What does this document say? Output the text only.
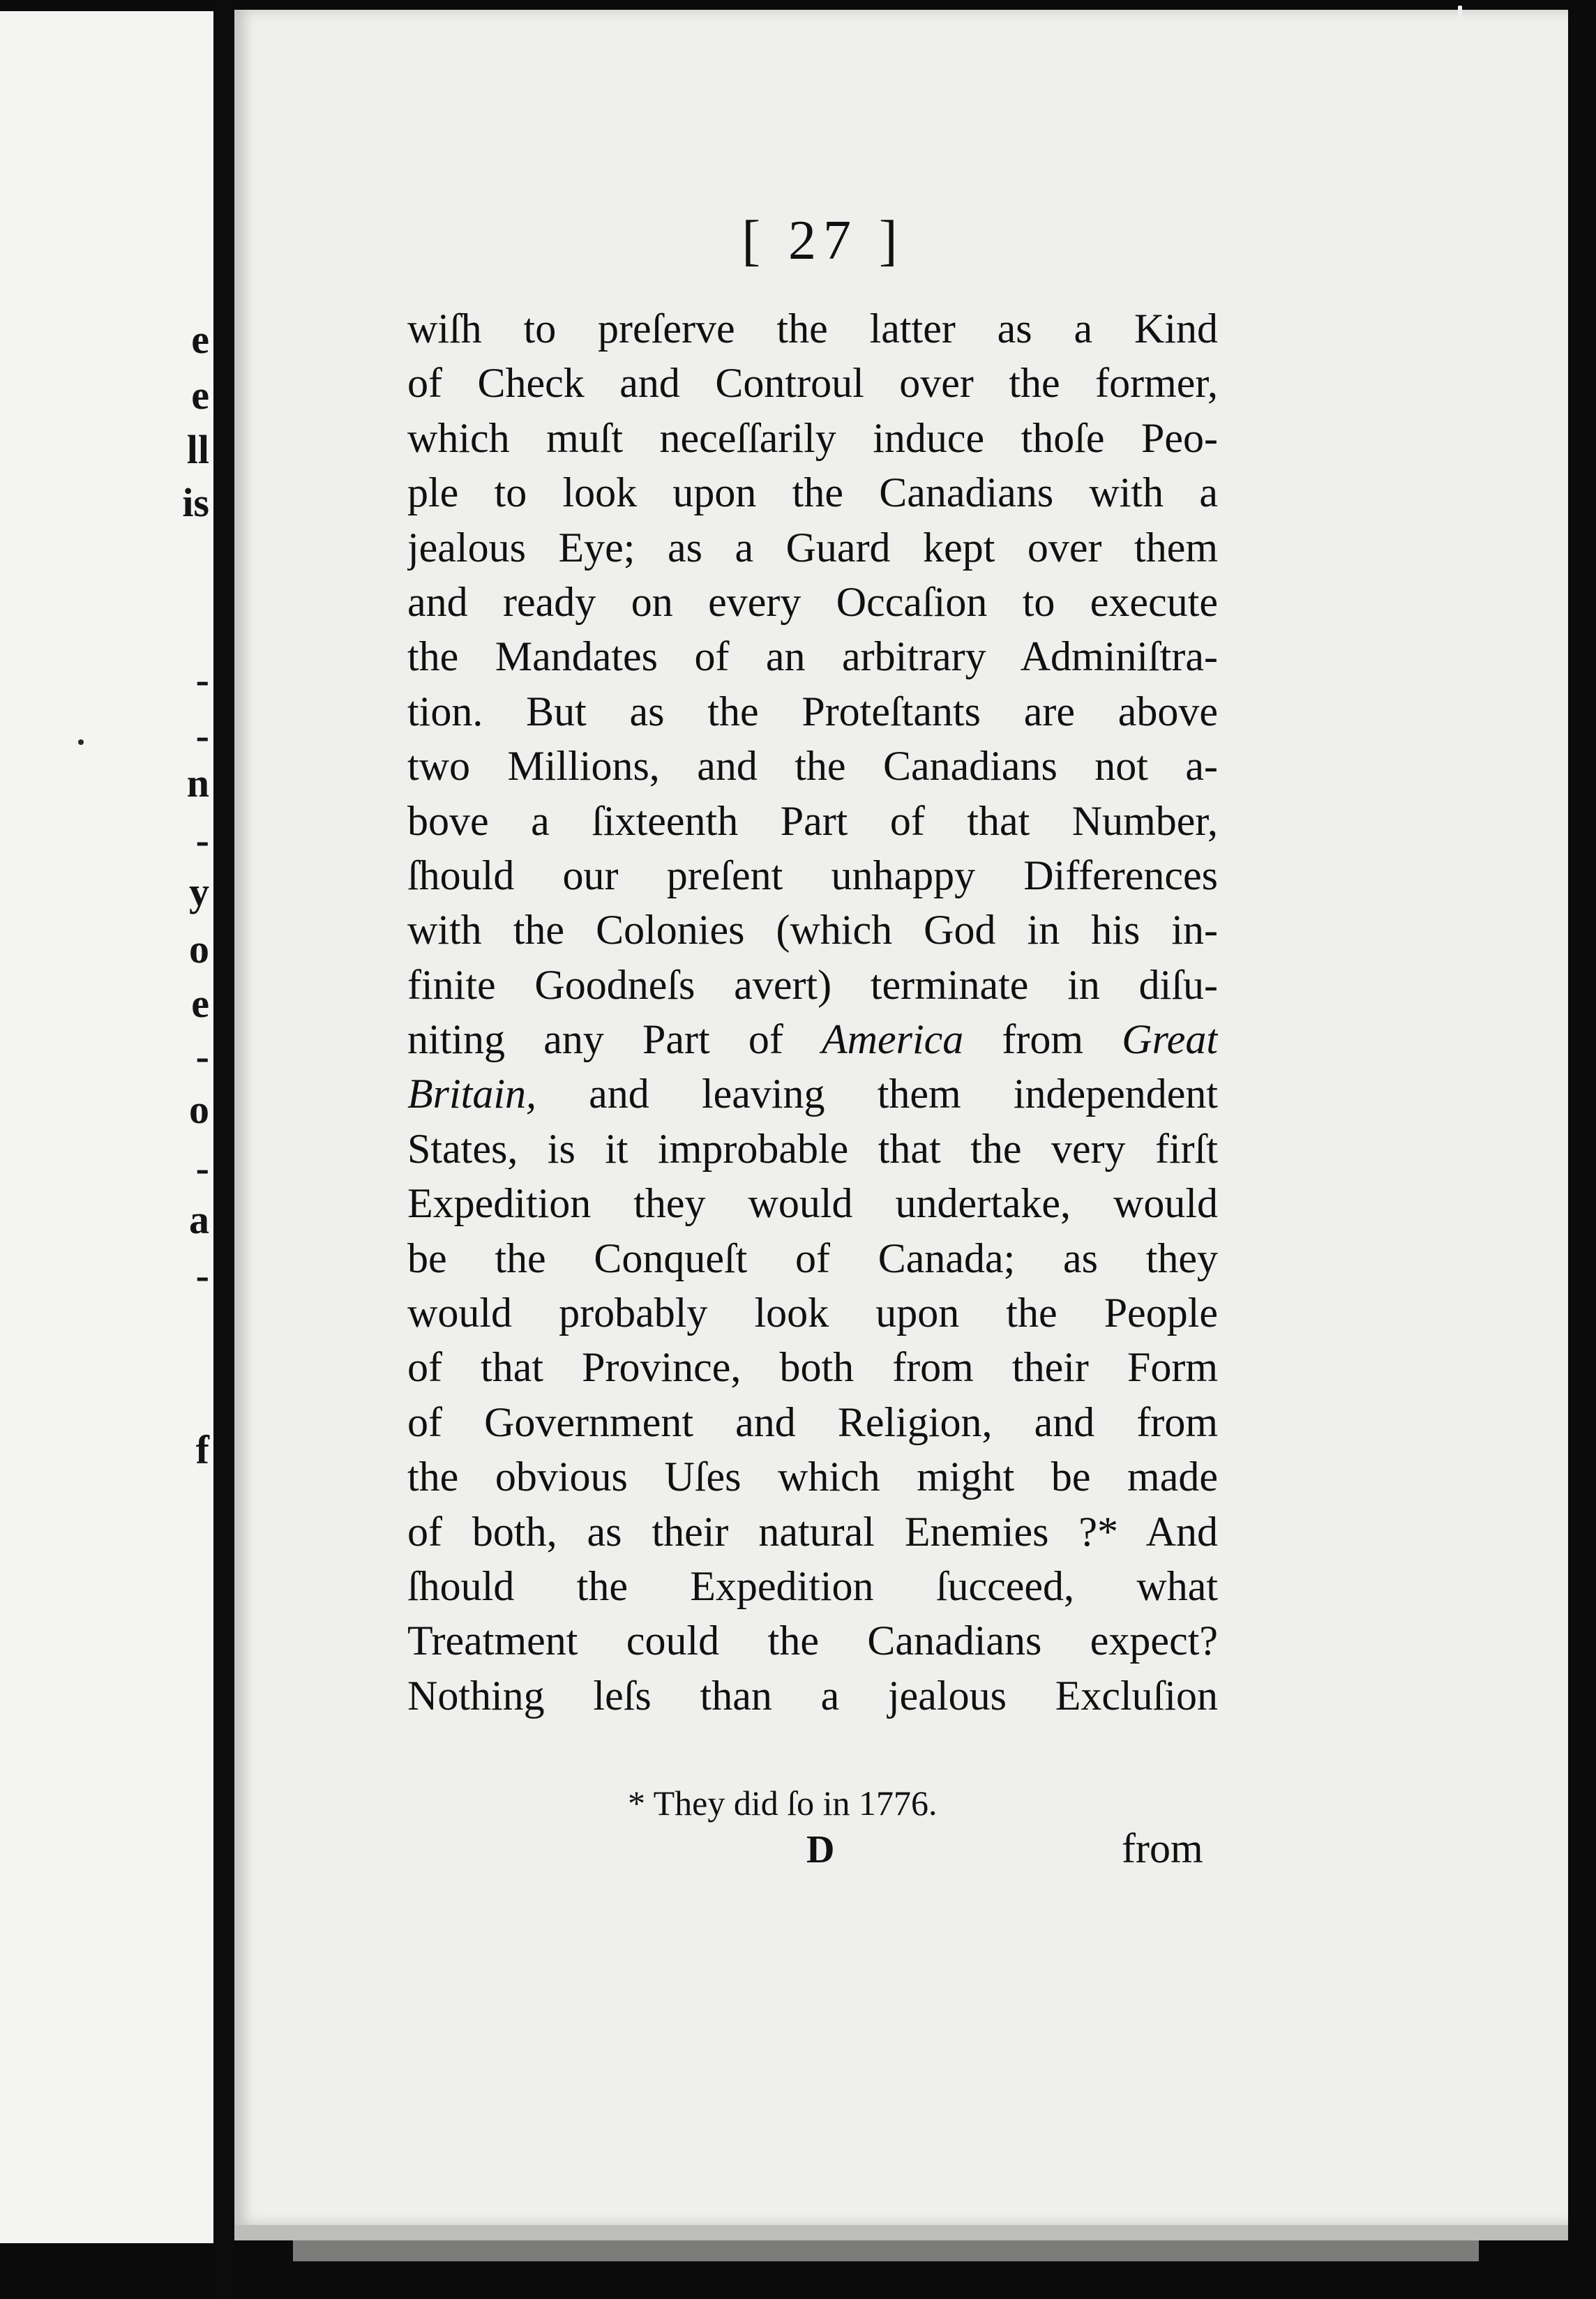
e
e
ll
is
-
-
n
-
y
o
e
-
o
-
a
-
f
[ 27 ]
wiſh to preſerve the latter as a Kind
of Check and Controul over the former,
which muſt neceſſarily induce thoſe Peo-
ple to look upon the Canadians with a
jealous Eye; as a Guard kept over them
and ready on every Occaſion to execute
the Mandates of an arbitrary Adminiſtra-
tion. But as the Proteſtants are above
two Millions, and the Canadians not a-
bove a ſixteenth Part of that Number,
ſhould our preſent unhappy Differences
with the Colonies (which God in his in-
finite Goodneſs avert) terminate in diſu-
niting any Part of America from Great
Britain, and leaving them independent
States, is it improbable that the very firſt
Expedition they would undertake, would
be the Conqueſt of Canada; as they
would probably look upon the People
of that Province, both from their Form
of Government and Religion, and from
the obvious Uſes which might be made
of both, as their natural Enemies ?* And
ſhould the Expedition ſucceed, what
Treatment could the Canadians expect?
Nothing leſs than a jealous Excluſion
* They did ſo in 1776.
D	from
